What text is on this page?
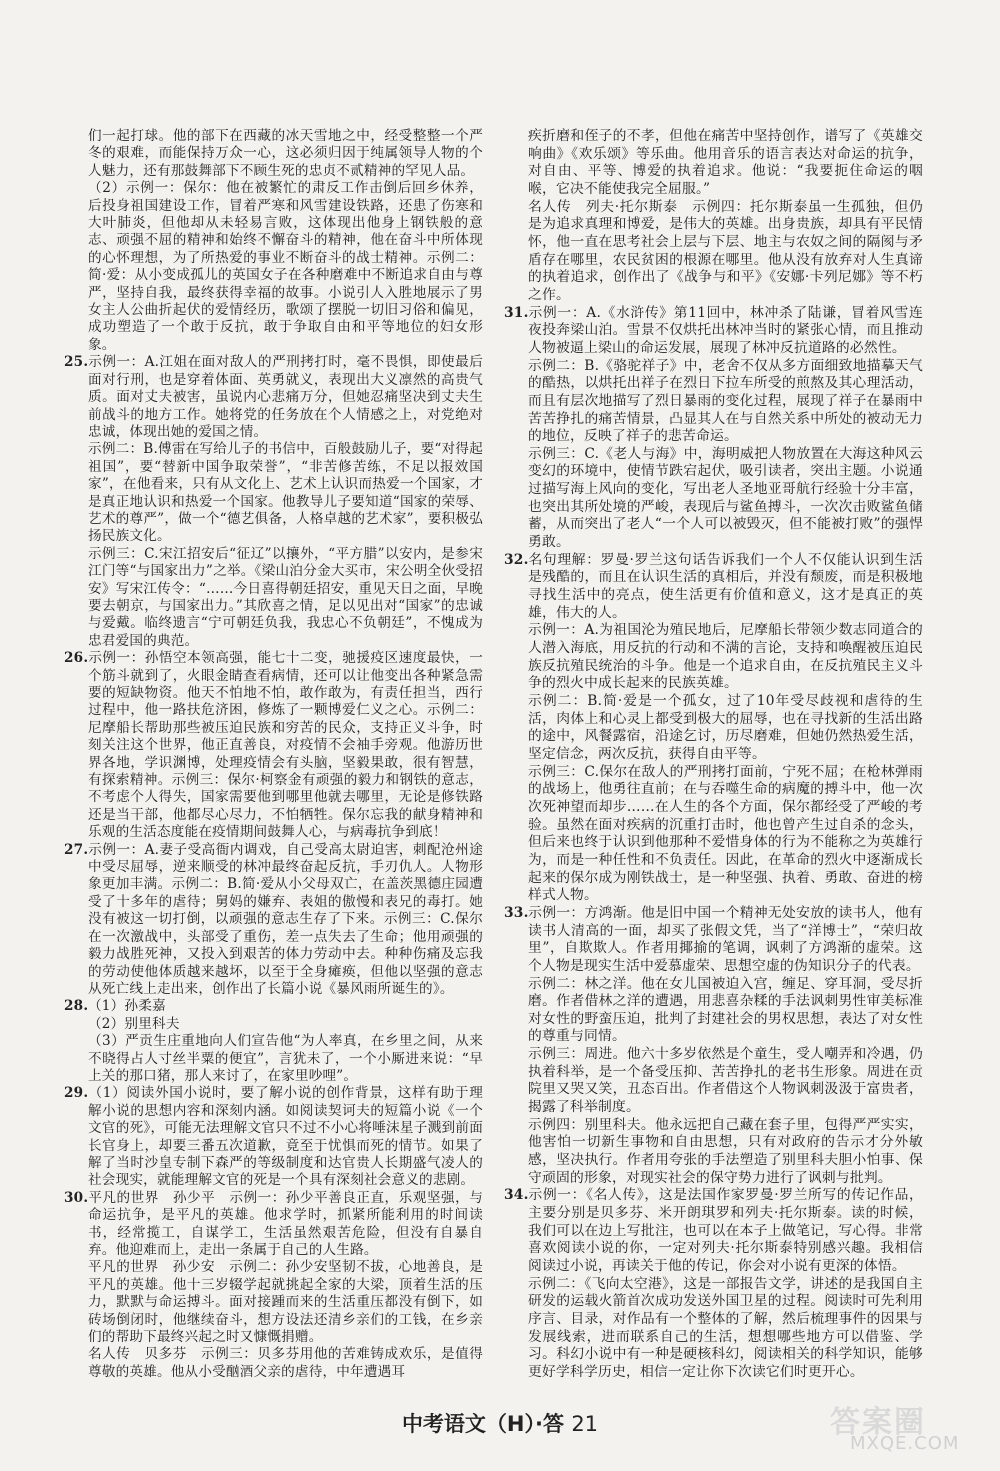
们一起打球。他的部下在西藏的冰天雪地之中，经受整整一个严冬的艰难，而能保持万众一心，这必须归因于纯属领导人物的个人魅力，还有那鼓舞部下不顾生死的忠贞不贰精神的罕见人品。

（2）示例一：保尔：他在被繁忙的肃反工作击倒后回乡休养，后投身祖国建设工作，冒着严寒和风雪建设铁路，还患了伤寒和大叶肺炎，但他却从未轻易言败，这体现出他身上钢铁般的意志、顽强不屈的精神和始终不懈奋斗的精神，他在奋斗中所体现的心怀理想，为了所热爱的事业不断奋斗的战士精神。示例二：简·爱：从小变成孤儿的英国女子在各种磨难中不断追求自由与尊严，坚持自我，最终获得幸福的故事。小说引人入胜地展示了男女主人公曲折起伏的爱情经历，歌颂了摆脱一切旧习俗和偏见，成功塑造了一个敢于反抗，敢于争取自由和平等地位的妇女形象。

25.示例一：A.江姐在面对敌人的严刑拷打时，毫不畏惧，即使最后面对行刑，也是穿着体面、英勇就义，表现出大义凛然的高贵气质。面对丈夫被害，虽说内心悲痛万分，但她忍痛坚决到丈夫生前战斗的地方工作。她将党的任务放在个人情感之上，对党绝对忠诚，体现出她的爱国之情。

示例二：B.傅雷在写给儿子的书信中，百般鼓励儿子，要“对得起祖国”，要“替新中国争取荣誉”，“非苦修苦练，不足以报效国家”，在他看来，只有从文化上、艺术上认识而热爱一个国家，才是真正地认识和热爱一个国家。他教导儿子要知道“国家的荣辱、艺术的尊严”，做一个“德艺俱备，人格卓越的艺术家”，要积极弘扬民族文化。

示例三：C.宋江招安后“征辽”以攘外，“平方腊”以安内，是参宋江门等“与国家出力”之举。《梁山泊分金大买市，宋公明全伙受招安》写宋江传令：“……今日喜得朝廷招安，重见天日之面，早晚要去朝京，与国家出力。”其欣喜之情，足以见出对“国家”的忠诚与爱戴。临终遗言“宁可朝廷负我，我忠心不负朝廷”，不愧成为忠君爱国的典范。

26.示例一：孙悟空本领高强，能七十二变，驰援疫区速度最快，一个筋斗就到了，火眼金睛查看病情，还可以让他变出各种紧急需要的短缺物资。他天不怕地不怕，敢作敢为，有责任担当，西行过程中，他一路扶危济困，修炼了一颗博爱仁义之心。示例二：尼摩船长帮助那些被压迫民族和穷苦的民众，支持正义斗争，时刻关注这个世界，他正直善良，对疫情不会袖手旁观。他游历世界各地，学识渊博，处理疫情会有头脑，坚毅果敢，很有智慧，有探索精神。示例三：保尔·柯察金有顽强的毅力和钢铁的意志，不考虑个人得失，国家需要他到哪里他就去哪里，无论是修铁路还是当干部，他都尽心尽力，不怕牺牲。保尔忘我的献身精神和乐观的生活态度能在疫情期间鼓舞人心，与病毒抗争到底！

27.示例一：A.妻子受高衙内调戏，自己受高太尉迫害，刺配沧州途中受尽屈辱，逆来顺受的林冲最终奋起反抗，手刃仇人。人物形象更加丰满。示例二：B.简·爱从小父母双亡，在盖茨黑德庄园遭受了十多年的虐待；舅妈的嫌弃、表姐的傲慢和表兄的毒打。她没有被这一切打倒，以顽强的意志生存了下来。示例三：C.保尔在一次激战中，头部受了重伤，差一点失去了生命；他用顽强的毅力战胜死神，又投入到艰苦的体力劳动中去。种种伤痛及忘我的劳动使他体质越来越坏，以至于全身瘫痪，但他以坚强的意志从死亡线上走出来，创作出了长篇小说《暴风雨所诞生的》。

28.（1）孙柔嘉

（2）别里科夫

（3）严贡生庄重地向人们宣告他“为人率真，在乡里之间，从来不晓得占人寸丝半粟的便宜”，言犹未了，一个小厮进来说：“早上关的那口猪，那人来讨了，在家里吵哩”。

29.（1）阅读外国小说时，要了解小说的创作背景，这样有助于理解小说的思想内容和深刻内涵。如阅读契诃夫的短篇小说《一个文官的死》，可能无法理解文官只不过不小心将唾沫星子溅到前面长官身上，却要三番五次道歉，竟至于忧惧而死的情节。如果了解了当时沙皇专制下森严的等级制度和达官贵人长期盛气凌人的社会现实，就能理解文官的死是一个具有深刻社会意义的悲剧。

30.平凡的世界　孙少平　示例一：孙少平善良正直，乐观坚强，与命运抗争，是平凡的英雄。他求学时，抓紧所能利用的时间读书，经常揽工，自谋学工，生活虽然艰苦危险，但没有自暴自弃。他迎难而上，走出一条属于自己的人生路。

平凡的世界　孙少安　示例二：孙少安坚韧不拔，心地善良，是平凡的英雄。他十三岁辍学起就挑起全家的大梁，顶着生活的压力，默默与命运搏斗。面对接踵而来的生活重压都没有倒下，如砖场倒闭时，他继续奋斗，想方设法还清乡亲们的工钱，在乡亲们的帮助下最终兴起之时又慷慨捐赠。

名人传　贝多芬　示例三：贝多芬用他的苦难铸成欢乐，是值得尊敬的英雄。他从小受酗酒父亲的虐待，中年遭遇耳

疾折磨和侄子的不孝，但他在痛苦中坚持创作，谱写了《英雄交响曲》《欢乐颂》等乐曲。他用音乐的语言表达对命运的抗争，对自由、平等、博爱的执着追求。他说：“我要扼住命运的咽喉，它决不能使我完全屈服。”

名人传　列夫·托尔斯泰　示例四：托尔斯泰虽一生孤独，但仍是为追求真理和博爱，是伟大的英雄。出身贵族，却具有平民情怀，他一直在思考社会上层与下层、地主与农奴之间的隔阂与矛盾存在哪里，农民贫困的根源在哪里。他从没有放弃对人生真谛的执着追求，创作出了《战争与和平》《安娜·卡列尼娜》等不朽之作。

31.示例一：A.《水浒传》第11回中，林冲杀了陆谦，冒着风雪连夜投奔梁山泊。雪景不仅烘托出林冲当时的紧张心情，而且推动人物被逼上梁山的命运发展，展现了林冲反抗道路的必然性。

示例二：B.《骆驼祥子》中，老舍不仅从多方面细致地描摹天气的酷热，以烘托出祥子在烈日下拉车所受的煎熬及其心理活动，而且有层次地描写了烈日暴雨的变化过程，展现了祥子在暴雨中苦苦挣扎的痛苦情景，凸显其人在与自然关系中所处的被动无力的地位，反映了祥子的悲苦命运。

示例三：C.《老人与海》中，海明威把人物放置在大海这种风云变幻的环境中，使情节跌宕起伏，吸引读者，突出主题。小说通过描写海上风向的变化，写出老人圣地亚哥航行经验十分丰富，也突出其所处境的严峻，表现后与鲨鱼搏斗，一次次击败鲨鱼储蓄，从而突出了老人“一个人可以被毁灭，但不能被打败”的强悍勇敢。

32.名句理解：罗曼·罗兰这句话告诉我们一个人不仅能认识到生活是残酷的，而且在认识生活的真相后，并没有颓废，而是积极地寻找生活中的亮点，使生活更有价值和意义，这才是真正的英雄，伟大的人。

示例一：A.为祖国沦为殖民地后，尼摩船长带领少数志同道合的人潜入海底，用反抗的行动和不满的言论，支持和唤醒被压迫民族反抗殖民统治的斗争。他是一个追求自由，在反抗殖民主义斗争的烈火中成长起来的民族英雄。

示例二：B.简·爱是一个孤女，过了10年受尽歧视和虐待的生活，肉体上和心灵上都受到极大的屈辱，也在寻找新的生活出路的途中，风餐露宿，沿途乞讨，历尽磨难，但她仍然热爱生活，坚定信念，两次反抗，获得自由平等。

示例三：C.保尔在敌人的严刑拷打面前，宁死不屈；在枪林弹雨的战场上，他勇往直前；在与吞噬生命的病魔的搏斗中，他一次次死神望而却步……在人生的各个方面，保尔都经受了严峻的考验。虽然在面对疾病的沉重打击时，他也曾产生过自杀的念头，但后来也终于认识到他那种不爱惜身体的行为不能称之为英雄行为，而是一种任性和不负责任。因此，在革命的烈火中逐渐成长起来的保尔成为刚铁战士，是一种坚强、执着、勇敢、奋进的榜样式人物。

33.示例一：方鸿渐。他是旧中国一个精神无处安放的读书人，他有读书人清高的一面，却买了张假文凭，当了“洋博士”，“荣归故里”，自欺欺人。作者用揶揄的笔调，讽刺了方鸿渐的虚荣。这个人物是现实生活中爱慕虚荣、思想空虚的伪知识分子的代表。

示例二：林之洋。他在女儿国被迫入宫，缠足、穿耳洞，受尽折磨。作者借林之洋的遭遇，用悲喜杂糅的手法讽刺男性审美标准对女性的野蛮压迫，批判了封建社会的男权思想，表达了对女性的尊重与同情。

示例三：周进。他六十多岁依然是个童生，受人嘲弄和冷遇，仍执着科举，是一个备受压抑、苦苦挣扎的老书生形象。周进在贡院里又哭又笑，丑态百出。作者借这个人物讽刺汲汲于富贵者，揭露了科举制度。

示例四：别里科夫。他永远把自己藏在套子里，包得严严实实，他害怕一切新生事物和自由思想，只有对政府的告示才分外敏感，坚决执行。作者用夸张的手法塑造了别里科夫胆小怕事、保守顽固的形象，对现实社会的保守势力进行了讽刺与批判。

34.示例一：《名人传》，这是法国作家罗曼·罗兰所写的传记作品，主要分别是贝多芬、米开朗琪罗和列夫·托尔斯泰。读的时候，我们可以在边上写批注，也可以在本子上做笔记，写心得。非常喜欢阅读小说的你，一定对列夫·托尔斯泰特别感兴趣。我相信阅读过小说，再读关于他的传记，你会对小说有更深的体悟。

示例二：《飞向太空港》，这是一部报告文学，讲述的是我国自主研发的运载火箭首次成功发送外国卫星的过程。阅读时可先利用序言、目录，对作品有一个整体的了解，然后梳理事件的因果与发展线索，进而联系自己的生活，想想哪些地方可以借鉴、学习。科幻小说中有一种是硬核科幻，阅读相关的科学知识，能够更好学科学历史，相信一定让你下次读它们时更开心。

中考语文（H）·答 21	答案圈
MXQE.COM
